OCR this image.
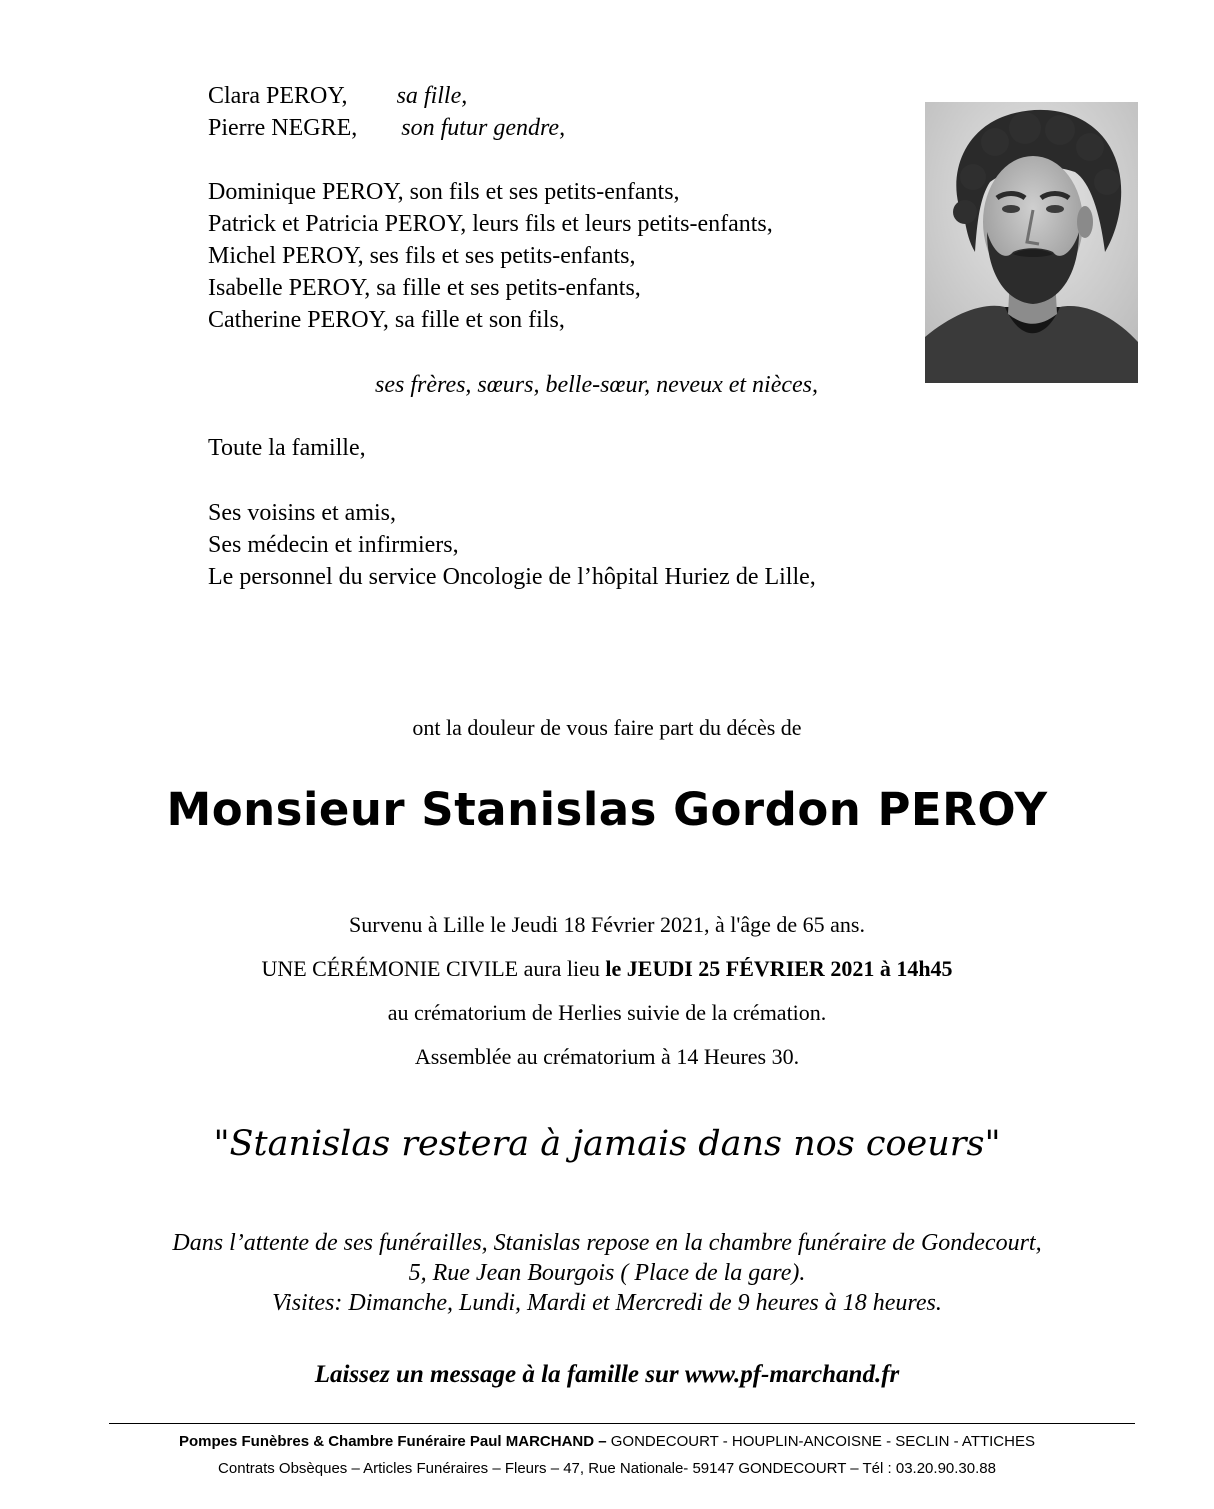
Clara PEROY, sa fille,
Pierre NEGRE, son futur gendre,
Dominique PEROY, son fils et ses petits-enfants,
Patrick et Patricia PEROY, leurs fils et leurs petits-enfants,
Michel PEROY, ses fils et ses petits-enfants,
Isabelle PEROY, sa fille et ses petits-enfants,
Catherine PEROY, sa fille et son fils,
ses frères, sœurs, belle-sœur, neveux et nièces,
Toute la famille,
Ses voisins et amis,
Ses médecin et infirmiers,
Le personnel du service Oncologie de l’hôpital Huriez de Lille,
ont la douleur de vous faire part du décès de
Monsieur Stanislas Gordon PEROY
Survenu à Lille le Jeudi 18 Février 2021, à l'âge de 65 ans.
UNE CÉRÉMONIE CIVILE aura lieu le JEUDI 25 FÉVRIER 2021 à 14h45
au crématorium de Herlies suivie de la crémation.
Assemblée au crématorium à 14 Heures 30.
"Stanislas restera à jamais dans nos coeurs"
Dans l’attente de ses funérailles, Stanislas repose en la chambre funéraire de Gondecourt,
5, Rue Jean Bourgois ( Place de la gare).
Visites: Dimanche, Lundi, Mardi et Mercredi de 9 heures à 18 heures.
Laissez un message à la famille sur www.pf-marchand.fr
Pompes Funèbres & Chambre Funéraire Paul MARCHAND – GONDECOURT - HOUPLIN-ANCOISNE - SECLIN - ATTICHES
Contrats Obsèques – Articles Funéraires – Fleurs – 47, Rue Nationale- 59147 GONDECOURT – Tél : 03.20.90.30.88
